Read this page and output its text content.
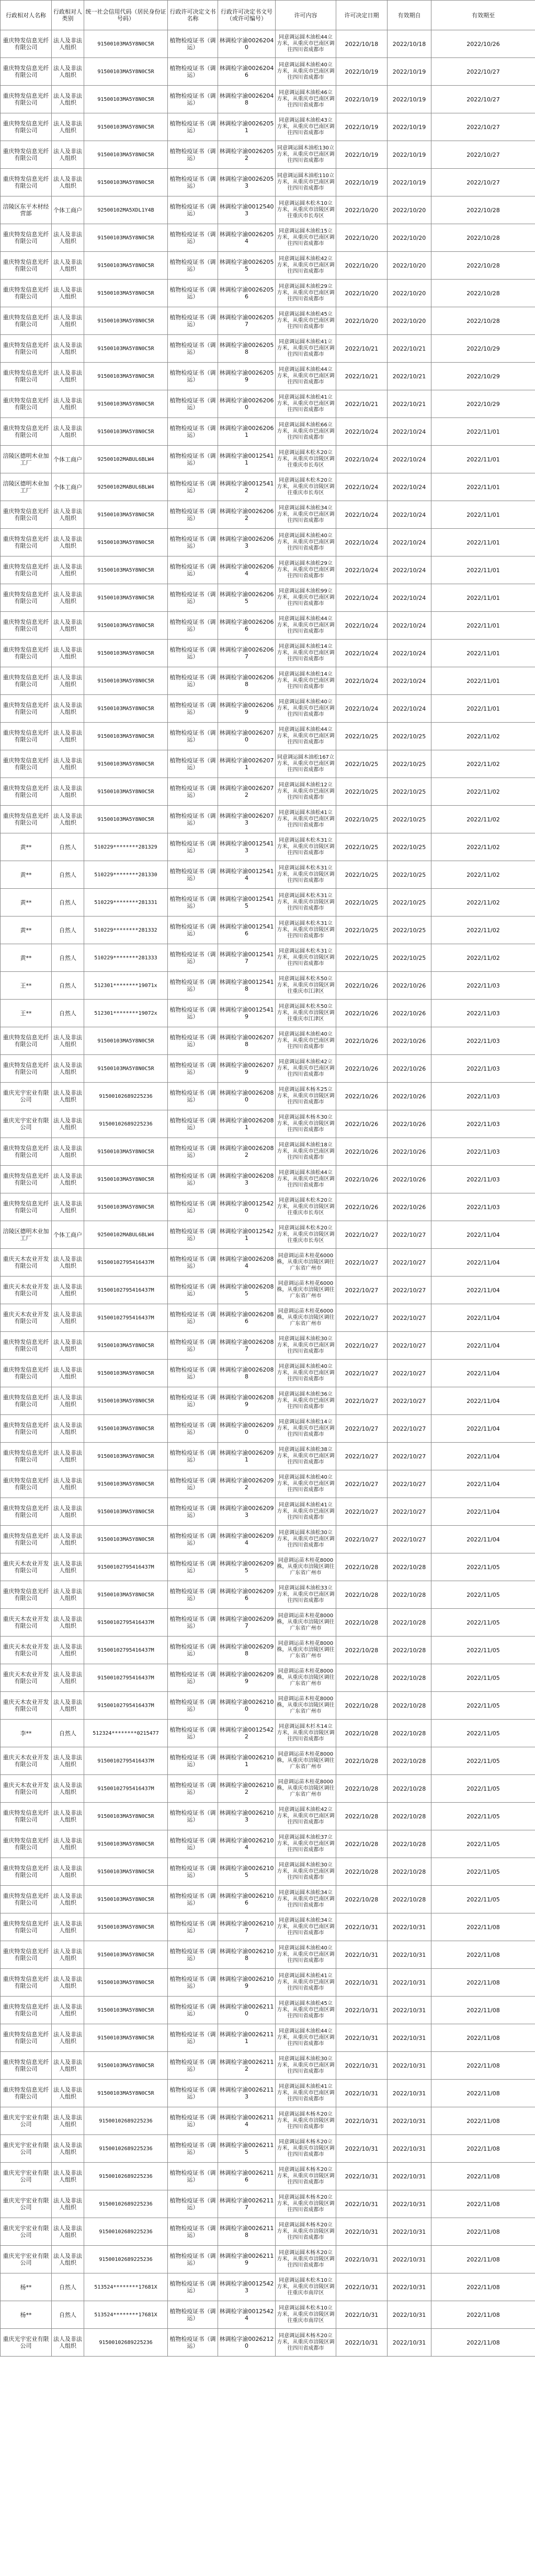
行政相对人名称	行政相对人类别	统一社会信用代码（居民身份证号码）	行政许可决定文书名称	行政许可决定书文号（或许可编号）	许可内容	许可决定日期	有效期自	有效期至
重庆特发信息光纤有限公司	法人及非法人组织	91500103MA5Y8N0C5R	植物检疫证书（调运）	林调检字渝00262040	同意调运圆木油松44立方米，从重庆市巴南区调往四川省成都市	2022/10/18	2022/10/18	2022/10/26
重庆特发信息光纤有限公司	法人及非法人组织	91500103MA5Y8N0C5R	植物检疫证书（调运）	林调检字渝00262046	同意调运圆木油松40立方米，从重庆市巴南区调往四川省成都市	2022/10/19	2022/10/19	2022/10/27
重庆特发信息光纤有限公司	法人及非法人组织	91500103MA5Y8N0C5R	植物检疫证书（调运）	林调检字渝00262048	同意调运圆木油松46立方米，从重庆市巴南区调往四川省成都市	2022/10/19	2022/10/19	2022/10/27
重庆特发信息光纤有限公司	法人及非法人组织	91500103MA5Y8N0C5R	植物检疫证书（调运）	林调检字渝00262051	同意调运圆木油松43立方米，从重庆市巴南区调往四川省成都市	2022/10/19	2022/10/19	2022/10/27
重庆特发信息光纤有限公司	法人及非法人组织	91500103MA5Y8N0C5R	植物检疫证书（调运）	林调检字渝00262052	同意调运圆木油松130立方米，从重庆市巴南区调往四川省成都市	2022/10/19	2022/10/19	2022/10/27
重庆特发信息光纤有限公司	法人及非法人组织	91500103MA5Y8N0C5R	植物检疫证书（调运）	林调检字渝00262053	同意调运圆木油松110立方米，从重庆市巴南区调往四川省成都市	2022/10/19	2022/10/19	2022/10/27
涪陵区东平木材经营部	个体工商户	92500102MA5XDL1Y4B	植物检疫证书（调运）	林调检字渝00125403	同意调运圆木松木10立方米，从重庆市涪陵区调往重庆市长寿区	2022/10/20	2022/10/20	2022/10/28
重庆特发信息光纤有限公司	法人及非法人组织	91500103MA5Y8N0C5R	植物检疫证书（调运）	林调检字渝00262054	同意调运圆木油松15立方米，从重庆市巴南区调往四川省成都市	2022/10/20	2022/10/20	2022/10/28
重庆特发信息光纤有限公司	法人及非法人组织	91500103MA5Y8N0C5R	植物检疫证书（调运）	林调检字渝00262055	同意调运圆木油松42立方米，从重庆市巴南区调往四川省成都市	2022/10/20	2022/10/20	2022/10/28
重庆特发信息光纤有限公司	法人及非法人组织	91500103MA5Y8N0C5R	植物检疫证书（调运）	林调检字渝00262056	同意调运圆木油松29立方米，从重庆市巴南区调往四川省成都市	2022/10/20	2022/10/20	2022/10/28
重庆特发信息光纤有限公司	法人及非法人组织	91500103MA5Y8N0C5R	植物检疫证书（调运）	林调检字渝00262057	同意调运圆木油松45立方米，从重庆市巴南区调往四川省成都市	2022/10/20	2022/10/20	2022/10/28
重庆特发信息光纤有限公司	法人及非法人组织	91500103MA5Y8N0C5R	植物检疫证书（调运）	林调检字渝00262058	同意调运圆木油松41立方米，从重庆市巴南区调往四川省成都市	2022/10/21	2022/10/21	2022/10/29
重庆特发信息光纤有限公司	法人及非法人组织	91500103MA5Y8N0C5R	植物检疫证书（调运）	林调检字渝00262059	同意调运圆木油松44立方米，从重庆市巴南区调往四川省成都市	2022/10/21	2022/10/21	2022/10/29
重庆特发信息光纤有限公司	法人及非法人组织	91500103MA5Y8N0C5R	植物检疫证书（调运）	林调检字渝00262060	同意调运圆木油松41立方米，从重庆市巴南区调往四川省成都市	2022/10/21	2022/10/21	2022/10/29
重庆特发信息光纤有限公司	法人及非法人组织	91500103MA5Y8N0C5R	植物检疫证书（调运）	林调检字渝00262061	同意调运圆木油松66立方米，从重庆市巴南区调往四川省成都市	2022/10/24	2022/10/24	2022/11/01
涪陵区德明木业加工厂	个体工商户	92500102MABUL6BLW4	植物检疫证书（调运）	林调检字渝00125411	同意调运圆木松木20立方米，从重庆市涪陵区调往重庆市长寿区	2022/10/24	2022/10/24	2022/11/01
涪陵区德明木业加工厂	个体工商户	92500102MABUL6BLW4	植物检疫证书（调运）	林调检字渝00125412	同意调运圆木松木20立方米，从重庆市涪陵区调往重庆市长寿区	2022/10/24	2022/10/24	2022/11/01
重庆特发信息光纤有限公司	法人及非法人组织	91500103MA5Y8N0C5R	植物检疫证书（调运）	林调检字渝00262062	同意调运圆木油松34立方米，从重庆市巴南区调往四川省成都市	2022/10/24	2022/10/24	2022/11/01
重庆特发信息光纤有限公司	法人及非法人组织	91500103MA5Y8N0C5R	植物检疫证书（调运）	林调检字渝00262063	同意调运圆木油松40立方米，从重庆市巴南区调往四川省成都市	2022/10/24	2022/10/24	2022/11/01
重庆特发信息光纤有限公司	法人及非法人组织	91500103MA5Y8N0C5R	植物检疫证书（调运）	林调检字渝00262064	同意调运圆木油松29立方米，从重庆市巴南区调往四川省成都市	2022/10/24	2022/10/24	2022/11/01
重庆特发信息光纤有限公司	法人及非法人组织	91500103MA5Y8N0C5R	植物检疫证书（调运）	林调检字渝00262065	同意调运圆木油松99立方米，从重庆市巴南区调往四川省成都市	2022/10/24	2022/10/24	2022/11/01
重庆特发信息光纤有限公司	法人及非法人组织	91500103MA5Y8N0C5R	植物检疫证书（调运）	林调检字渝00262066	同意调运圆木油松44立方米，从重庆市巴南区调往四川省成都市	2022/10/24	2022/10/24	2022/11/01
重庆特发信息光纤有限公司	法人及非法人组织	91500103MA5Y8N0C5R	植物检疫证书（调运）	林调检字渝00262067	同意调运圆木油松14立方米，从重庆市巴南区调往四川省成都市	2022/10/24	2022/10/24	2022/11/01
重庆特发信息光纤有限公司	法人及非法人组织	91500103MA5Y8N0C5R	植物检疫证书（调运）	林调检字渝00262068	同意调运圆木油松14立方米，从重庆市巴南区调往四川省成都市	2022/10/24	2022/10/24	2022/11/01
重庆特发信息光纤有限公司	法人及非法人组织	91500103MA5Y8N0C5R	植物检疫证书（调运）	林调检字渝00262069	同意调运圆木油松40立方米，从重庆市巴南区调往四川省成都市	2022/10/24	2022/10/24	2022/11/01
重庆特发信息光纤有限公司	法人及非法人组织	91500103MA5Y8N0C5R	植物检疫证书（调运）	林调检字渝00262070	同意调运圆木油松44立方米，从重庆市巴南区调往四川省成都市	2022/10/25	2022/10/25	2022/11/02
重庆特发信息光纤有限公司	法人及非法人组织	91500103MA5Y8N0C5R	植物检疫证书（调运）	林调检字渝00262071	同意调运圆木油松167立方米，从重庆市巴南区调往四川省成都市	2022/10/25	2022/10/25	2022/11/02
重庆特发信息光纤有限公司	法人及非法人组织	91500103MA5Y8N0C5R	植物检疫证书（调运）	林调检字渝00262072	同意调运圆木油松12立方米，从重庆市巴南区调往四川省成都市	2022/10/25	2022/10/25	2022/11/02
重庆特发信息光纤有限公司	法人及非法人组织	91500103MA5Y8N0C5R	植物检疫证书（调运）	林调检字渝00262073	同意调运圆木油松41立方米，从重庆市巴南区调往四川省成都市	2022/10/25	2022/10/25	2022/11/02
黄**	自然人	510229********281329	植物检疫证书（调运）	林调检字渝00125413	同意调运圆木松木31立方米，从重庆市涪陵区调往四川省成都市	2022/10/25	2022/10/25	2022/11/02
黄**	自然人	510229********281330	植物检疫证书（调运）	林调检字渝00125414	同意调运圆木松木31立方米，从重庆市涪陵区调往四川省成都市	2022/10/25	2022/10/25	2022/11/02
黄**	自然人	510229********281331	植物检疫证书（调运）	林调检字渝00125415	同意调运圆木松木31立方米，从重庆市涪陵区调往四川省成都市	2022/10/25	2022/10/25	2022/11/02
黄**	自然人	510229********281332	植物检疫证书（调运）	林调检字渝00125416	同意调运圆木松木31立方米，从重庆市涪陵区调往四川省成都市	2022/10/25	2022/10/25	2022/11/02
黄**	自然人	510229********281333	植物检疫证书（调运）	林调检字渝00125417	同意调运圆木松木31立方米，从重庆市涪陵区调往四川省成都市	2022/10/25	2022/10/25	2022/11/02
王**	自然人	512301********19071x	植物检疫证书（调运）	林调检字渝00125418	同意调运圆木松木50立方米，从重庆市涪陵区调往重庆市江津区	2022/10/26	2022/10/26	2022/11/03
王**	自然人	512301********19072x	植物检疫证书（调运）	林调检字渝00125419	同意调运圆木松木50立方米，从重庆市涪陵区调往重庆市江津区	2022/10/26	2022/10/26	2022/11/03
重庆特发信息光纤有限公司	法人及非法人组织	91500103MA5Y8N0C5R	植物检疫证书（调运）	林调检字渝00262078	同意调运圆木油松40立方米，从重庆市巴南区调往四川省成都市	2022/10/26	2022/10/26	2022/11/03
重庆特发信息光纤有限公司	法人及非法人组织	91500103MA5Y8N0C5R	植物检疫证书（调运）	林调检字渝00262079	同意调运圆木油松42立方米，从重庆市巴南区调往四川省成都市	2022/10/26	2022/10/26	2022/11/03
重庆光宇宏业有限公司	法人及非法人组织	91500102689225236	植物检疫证书（调运）	林调检字渝00262080	同意调运圆木杨木25立方米，从重庆市涪陵区调往四川省成都市	2022/10/26	2022/10/26	2022/11/03
重庆光宇宏业有限公司	法人及非法人组织	91500102689225236	植物检疫证书（调运）	林调检字渝00262081	同意调运圆木杨木30立方米，从重庆市涪陵区调往四川省成都市	2022/10/26	2022/10/26	2022/11/03
重庆特发信息光纤有限公司	法人及非法人组织	91500103MA5Y8N0C5R	植物检疫证书（调运）	林调检字渝00262082	同意调运圆木油松18立方米，从重庆市巴南区调往四川省成都市	2022/10/26	2022/10/26	2022/11/03
重庆特发信息光纤有限公司	法人及非法人组织	91500103MA5Y8N0C5R	植物检疫证书（调运）	林调检字渝00262083	同意调运圆木油松44立方米，从重庆市巴南区调往四川省成都市	2022/10/26	2022/10/26	2022/11/03
重庆特发信息光纤有限公司	法人及非法人组织	91500103MA5Y8N0C5R	植物检疫证书（调运）	林调检字渝00125420	同意调运圆木松木20立方米，从重庆市涪陵区调往重庆市长寿区	2022/10/26	2022/10/26	2022/11/03
涪陵区德明木业加工厂	个体工商户	92500102MABUL6BLW4	植物检疫证书（调运）	林调检字渝00125421	同意调运圆木松木20立方米，从重庆市涪陵区调往重庆市长寿区	2022/10/27	2022/10/27	2022/11/04
重庆天木农业开发有限公司	法人及非法人组织	91500102795416437M	植物检疫证书（调运）	林调检字渝00262084	同意调运苗木桂花6000株，从重庆市涪陵区调往广东省广州市	2022/10/27	2022/10/27	2022/11/04
重庆天木农业开发有限公司	法人及非法人组织	91500102795416437M	植物检疫证书（调运）	林调检字渝00262085	同意调运苗木桂花6000株，从重庆市涪陵区调往广东省广州市	2022/10/27	2022/10/27	2022/11/04
重庆天木农业开发有限公司	法人及非法人组织	91500102795416437M	植物检疫证书（调运）	林调检字渝00262086	同意调运苗木桂花6000株，从重庆市涪陵区调往广东省广州市	2022/10/27	2022/10/27	2022/11/04
重庆特发信息光纤有限公司	法人及非法人组织	91500103MA5Y8N0C5R	植物检疫证书（调运）	林调检字渝00262087	同意调运圆木油松30立方米，从重庆市巴南区调往四川省成都市	2022/10/27	2022/10/27	2022/11/04
重庆特发信息光纤有限公司	法人及非法人组织	91500103MA5Y8N0C5R	植物检疫证书（调运）	林调检字渝00262088	同意调运圆木油松40立方米，从重庆市巴南区调往四川省成都市	2022/10/27	2022/10/27	2022/11/04
重庆特发信息光纤有限公司	法人及非法人组织	91500103MA5Y8N0C5R	植物检疫证书（调运）	林调检字渝00262089	同意调运圆木油松36立方米，从重庆市巴南区调往四川省成都市	2022/10/27	2022/10/27	2022/11/04
重庆特发信息光纤有限公司	法人及非法人组织	91500103MA5Y8N0C5R	植物检疫证书（调运）	林调检字渝00262090	同意调运圆木油松14立方米，从重庆市巴南区调往四川省成都市	2022/10/27	2022/10/27	2022/11/04
重庆特发信息光纤有限公司	法人及非法人组织	91500103MA5Y8N0C5R	植物检疫证书（调运）	林调检字渝00262091	同意调运圆木油松38立方米，从重庆市巴南区调往四川省成都市	2022/10/27	2022/10/27	2022/11/04
重庆特发信息光纤有限公司	法人及非法人组织	91500103MA5Y8N0C5R	植物检疫证书（调运）	林调检字渝00262092	同意调运圆木油松40立方米，从重庆市巴南区调往四川省成都市	2022/10/27	2022/10/27	2022/11/04
重庆特发信息光纤有限公司	法人及非法人组织	91500103MA5Y8N0C5R	植物检疫证书（调运）	林调检字渝00262093	同意调运圆木油松41立方米，从重庆市巴南区调往四川省成都市	2022/10/27	2022/10/27	2022/11/04
重庆特发信息光纤有限公司	法人及非法人组织	91500103MA5Y8N0C5R	植物检疫证书（调运）	林调检字渝00262094	同意调运圆木油松30立方米，从重庆市巴南区调往四川省成都市	2022/10/27	2022/10/27	2022/11/04
重庆天木农业开发有限公司	法人及非法人组织	91500102795416437M	植物检疫证书（调运）	林调检字渝00262095	同意调运苗木桂花8000株，从重庆市涪陵区调往广东省广州市	2022/10/28	2022/10/28	2022/11/05
重庆特发信息光纤有限公司	法人及非法人组织	91500103MA5Y8N0C5R	植物检疫证书（调运）	林调检字渝00262096	同意调运圆木油松33立方米，从重庆市巴南区调往四川省成都市	2022/10/28	2022/10/28	2022/11/05
重庆天木农业开发有限公司	法人及非法人组织	91500102795416437M	植物检疫证书（调运）	林调检字渝00262097	同意调运苗木桂花8000株，从重庆市涪陵区调往广东省广州市	2022/10/28	2022/10/28	2022/11/05
重庆天木农业开发有限公司	法人及非法人组织	91500102795416437M	植物检疫证书（调运）	林调检字渝00262098	同意调运苗木桂花8000株，从重庆市涪陵区调往广东省广州市	2022/10/28	2022/10/28	2022/11/05
重庆天木农业开发有限公司	法人及非法人组织	91500102795416437M	植物检疫证书（调运）	林调检字渝00262099	同意调运苗木桂花8000株，从重庆市涪陵区调往广东省广州市	2022/10/28	2022/10/28	2022/11/05
重庆天木农业开发有限公司	法人及非法人组织	91500102795416437M	植物检疫证书（调运）	林调检字渝00262100	同意调运苗木桂花8000株，从重庆市涪陵区调往广东省广州市	2022/10/28	2022/10/28	2022/11/05
李**	自然人	512324********0215477	植物检疫证书（调运）	林调检字渝00125422	同意调运圆木杉木14立方米，从重庆市涪陵区调往四川省成都市	2022/10/28	2022/10/28	2022/11/05
重庆天木农业开发有限公司	法人及非法人组织	91500102795416437M	植物检疫证书（调运）	林调检字渝00262101	同意调运苗木桂花8000株，从重庆市涪陵区调往广东省广州市	2022/10/28	2022/10/28	2022/11/05
重庆天木农业开发有限公司	法人及非法人组织	91500102795416437M	植物检疫证书（调运）	林调检字渝00262102	同意调运苗木桂花8000株，从重庆市涪陵区调往广东省广州市	2022/10/28	2022/10/28	2022/11/05
重庆特发信息光纤有限公司	法人及非法人组织	91500103MA5Y8N0C5R	植物检疫证书（调运）	林调检字渝00262103	同意调运圆木油松42立方米，从重庆市巴南区调往四川省成都市	2022/10/28	2022/10/28	2022/11/05
重庆特发信息光纤有限公司	法人及非法人组织	91500103MA5Y8N0C5R	植物检疫证书（调运）	林调检字渝00262104	同意调运圆木油松37立方米，从重庆市巴南区调往四川省成都市	2022/10/28	2022/10/28	2022/11/05
重庆特发信息光纤有限公司	法人及非法人组织	91500103MA5Y8N0C5R	植物检疫证书（调运）	林调检字渝00262105	同意调运圆木油松30立方米，从重庆市巴南区调往四川省成都市	2022/10/28	2022/10/28	2022/11/05
重庆特发信息光纤有限公司	法人及非法人组织	91500103MA5Y8N0C5R	植物检疫证书（调运）	林调检字渝00262106	同意调运圆木油松34立方米，从重庆市巴南区调往四川省成都市	2022/10/28	2022/10/28	2022/11/05
重庆特发信息光纤有限公司	法人及非法人组织	91500103MA5Y8N0C5R	植物检疫证书（调运）	林调检字渝00262107	同意调运圆木油松34立方米，从重庆市巴南区调往四川省成都市	2022/10/31	2022/10/31	2022/11/08
重庆特发信息光纤有限公司	法人及非法人组织	91500103MA5Y8N0C5R	植物检疫证书（调运）	林调检字渝00262108	同意调运圆木油松40立方米，从重庆市巴南区调往四川省成都市	2022/10/31	2022/10/31	2022/11/08
重庆特发信息光纤有限公司	法人及非法人组织	91500103MA5Y8N0C5R	植物检疫证书（调运）	林调检字渝00262109	同意调运圆木油松41立方米，从重庆市巴南区调往四川省成都市	2022/10/31	2022/10/31	2022/11/08
重庆特发信息光纤有限公司	法人及非法人组织	91500103MA5Y8N0C5R	植物检疫证书（调运）	林调检字渝00262110	同意调运圆木油松45立方米，从重庆市巴南区调往四川省成都市	2022/10/31	2022/10/31	2022/11/08
重庆特发信息光纤有限公司	法人及非法人组织	91500103MA5Y8N0C5R	植物检疫证书（调运）	林调检字渝00262111	同意调运圆木油松44立方米，从重庆市巴南区调往四川省成都市	2022/10/31	2022/10/31	2022/11/08
重庆特发信息光纤有限公司	法人及非法人组织	91500103MA5Y8N0C5R	植物检疫证书（调运）	林调检字渝00262112	同意调运圆木油松30立方米，从重庆市巴南区调往四川省成都市	2022/10/31	2022/10/31	2022/11/08
重庆特发信息光纤有限公司	法人及非法人组织	91500103MA5Y8N0C5R	植物检疫证书（调运）	林调检字渝00262113	同意调运圆木油松41立方米，从重庆市巴南区调往四川省成都市	2022/10/31	2022/10/31	2022/11/08
重庆光宇宏业有限公司	法人及非法人组织	91500102689225236	植物检疫证书（调运）	林调检字渝00262114	同意调运圆木杨木20立方米，从重庆市涪陵区调往四川省成都市	2022/10/31	2022/10/31	2022/11/08
重庆光宇宏业有限公司	法人及非法人组织	91500102689225236	植物检疫证书（调运）	林调检字渝00262115	同意调运圆木杨木20立方米，从重庆市涪陵区调往四川省成都市	2022/10/31	2022/10/31	2022/11/08
重庆光宇宏业有限公司	法人及非法人组织	91500102689225236	植物检疫证书（调运）	林调检字渝00262116	同意调运圆木杨木20立方米，从重庆市涪陵区调往四川省成都市	2022/10/31	2022/10/31	2022/11/08
重庆光宇宏业有限公司	法人及非法人组织	91500102689225236	植物检疫证书（调运）	林调检字渝00262117	同意调运圆木杨木20立方米，从重庆市涪陵区调往四川省成都市	2022/10/31	2022/10/31	2022/11/08
重庆光宇宏业有限公司	法人及非法人组织	91500102689225236	植物检疫证书（调运）	林调检字渝00262118	同意调运圆木杨木20立方米，从重庆市涪陵区调往四川省成都市	2022/10/31	2022/10/31	2022/11/08
重庆光宇宏业有限公司	法人及非法人组织	91500102689225236	植物检疫证书（调运）	林调检字渝00262119	同意调运圆木杨木20立方米，从重庆市涪陵区调往四川省成都市	2022/10/31	2022/10/31	2022/11/08
杨**	自然人	513524********17681X	植物检疫证书（调运）	林调检字渝00125423	同意调运圆木松木10立方米，从重庆市涪陵区调往重庆市南岸区	2022/10/31	2022/10/31	2022/11/08
杨**	自然人	513524********17681X	植物检疫证书（调运）	林调检字渝00125424	同意调运圆木松木10立方米，从重庆市涪陵区调往重庆市南岸区	2022/10/31	2022/10/31	2022/11/08
重庆光宇宏业有限公司	法人及非法人组织	91500102689225236	植物检疫证书（调运）	林调检字渝00262120	同意调运圆木杨木20立方米，从重庆市涪陵区调往四川省成都市	2022/10/31	2022/10/31	2022/11/08
